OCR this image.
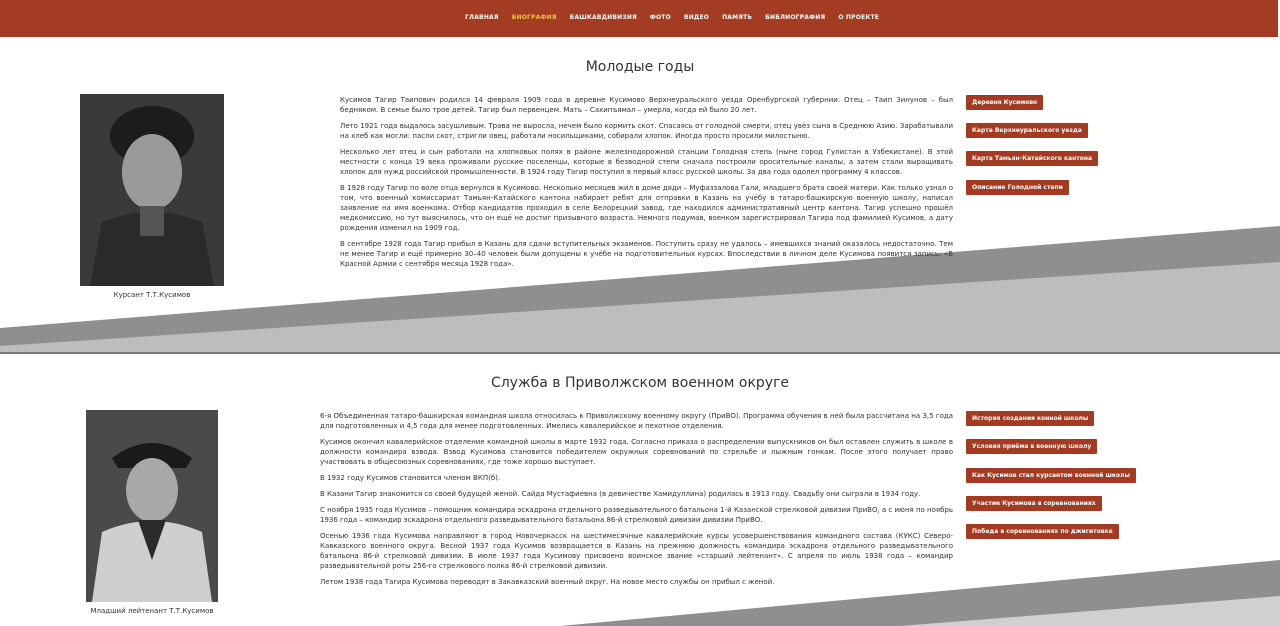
ГЛАВНАЯ БИОГРАФИЯ БАШКАВДИВИЗИЯ ФОТО ВИДЕО ПАМЯТЬ БИБЛИОГРАФИЯ О ПРОЕКТЕ
Молодые годы
Курсант Т.Т.Кусимов

Кусимов Тагир Таипович родился 14 февраля 1909 года в деревне Кусимово Верхнеуральского уезда Оренбургской губернии. Отец – Таип Зинунов – был бедняком. В семье было трое детей. Тагир был первенцем. Мать – Сахипъямал – умерла, когда ей было 20 лет.

Лето 1921 года выдалось засушливым. Трава не выросла, нечем было кормить скот. Спасаясь от голодной смерти, отец увёз сына в Среднюю Азию. Зарабатывали на хлеб как могли: пасли скот, стригли овец, работали носильщиками, собирали хлопок. Иногда просто просили милостыню.

Несколько лет отец и сын работали на хлопковых полях в районе железнодорожной станции Голодная степь (ныне город Гулистан в Узбекистане). В этой местности с конца 19 века проживали русские поселенцы, которые в безводной степи сначала построили оросительные каналы, а затем стали выращивать хлопок для нужд российской промышленности. В 1924 году Тагир поступил в первый класс русской школы. За два года одолел программу 4 классов.

В 1928 году Тагир по воле отца вернулся в Кусимово. Несколько месяцев жил в доме дяди – Муфаззалова Гали, младшего брата своей матери. Как только узнал о том, что военный комиссариат Тамьян-Катайского кантона набирает ребят для отправки в Казань на учёбу в татаро-башкирскую военную школу, написал заявление на имя военкома. Отбор кандидатов проходил в селе Белорецкий завод, где находился административный центр кантона. Тагир успешно прошёл медкомиссию, но тут выяснилось, что он ещё не достиг призывного возраста. Немного подумав, военком зарегистрировал Тагира под фамилией Кусимов, а дату рождения изменил на 1909 год.

В сентябре 1928 года Тагир прибыл в Казань для сдачи вступительных экзаменов. Поступить сразу не удалось – имевшихся знаний оказалось недостаточно. Тем не менее Тагир и ещё примерно 30–40 человек были допущены к учёбе на подготовительных курсах. Впоследствии в личном деле Кусимова появится запись: «В Красной Армии с сентября месяца 1928 года».

Деревня Кусимово
Карта Верхнеуральского уезда
Карта Тамьян-Катайского кантона
Описание Голодной степи
Служба в Приволжском военном округе
Младший лейтенант Т.Т.Кусимов

6-я Объединенная татаро-башкирская командная школа относилась к Приволжскому военному округу (ПриВО). Программа обучения в ней была рассчитана на 3,5 года для подготовленных и 4,5 года для менее подготовленных. Имелись кавалерийское и пехотное отделения.

Кусимов окончил кавалерийское отделение командной школы в марте 1932 года. Согласно приказа о распределении выпускников он был оставлен служить в школе в должности командира взвода. Взвод Кусимова становится победителем окружных соревнований по стрельбе и лыжным гонкам. После этого получает право участвовать в общесоюзных соревнованиях, где тоже хорошо выступает.

В 1932 году Кусимов становится членом ВКП(б).

В Казани Тагир знакомится со своей будущей женой. Сайда Мустафиевна (в девичестве Хамидуллина) родилась в 1913 году. Свадьбу они сыграли в 1934 году.

С ноября 1935 года Кусимов – помощник командира эскадрона отдельного разведывательного батальона 1-й Казанской стрелковой дивизии ПриВО, а с июня по ноябрь 1936 года – командир эскадрона отдельного разведывательного батальона 86-й стрелковой дивизии дивизии ПриВО.

Осенью 1936 года Кусимова направляют в город Новочеркасск на шестимесячные кавалерийские курсы усовершенствования командного состава (КУКС) Северо-Кавказского военного округа. Весной 1937 года Кусимов возвращается в Казань на прежнюю должность командира эскадрона отдельного разведывательного батальона 86-й стрелковой дивизии. В июле 1937 года Кусимову присвоено воинское звание «старший лейтенант». С апреля по июль 1938 года – командир разведывательной роты 256-го стрелкового полка 86-й стрелковой дивизии.

Летом 1938 года Тагира Кусимова переводят в Закавказский военный округ. На новое место службы он прибыл с женой.

История создания конной школы
Условия приёма в военную школу
Как Кусимов стал курсантом военной школы
Участие Кусимова в соревнованиях
Победа в соревнованиях по джигитовке
